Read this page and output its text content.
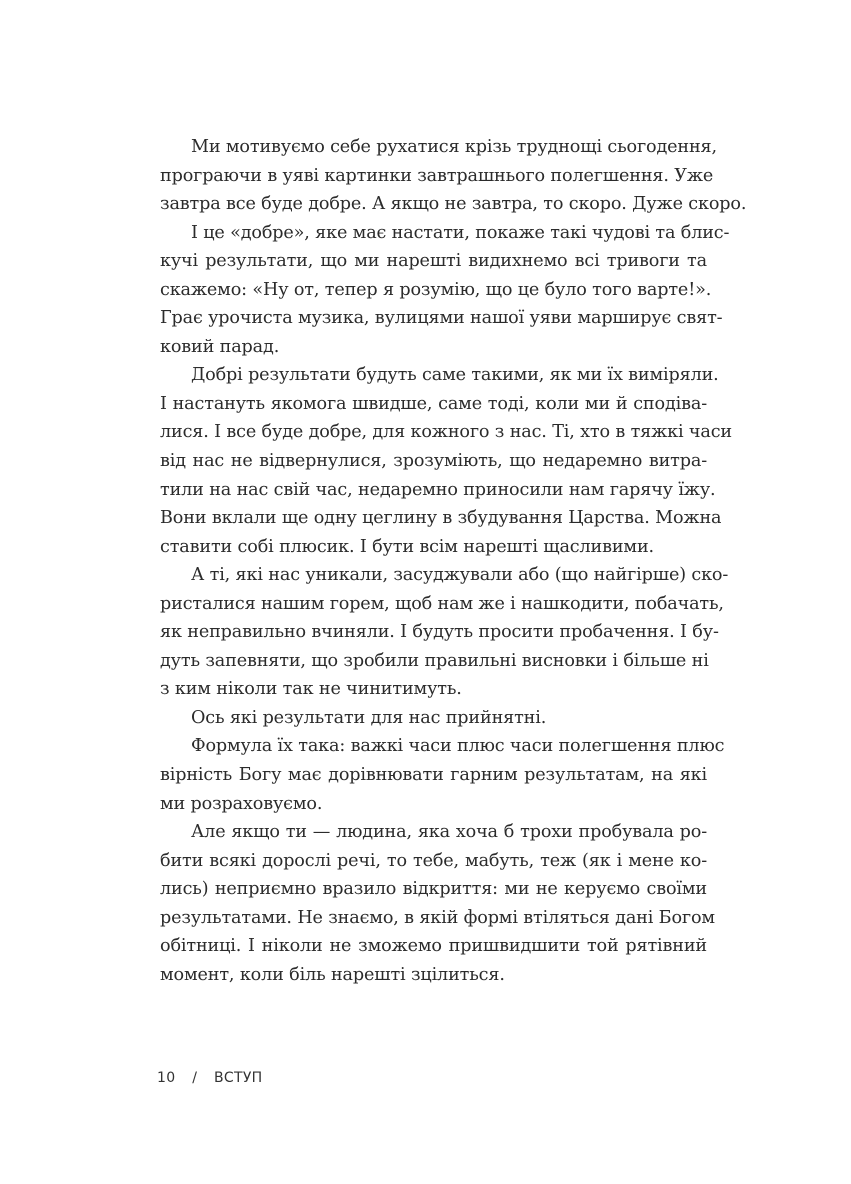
Ми мотивуємо себе рухатися крізь труднощі сьогодення,
програючи в уяві картинки завтрашнього полегшення. Уже
завтра все буде добре. А якщо не завтра, то скоро. Дуже скоро.
І це «добре», яке має настати, покаже такі чудові та блис-
кучі результати, що ми нарешті видихнемо всі тривоги та
скажемо: «Ну от, тепер я розумію, що це було того варте!».
Грає урочиста музика, вулицями нашої уяви марширує свят-
ковий парад.
Добрі результати будуть саме такими, як ми їх виміряли.
І настануть якомога швидше, саме тоді, коли ми й сподіва-
лися. І все буде добре, для кожного з нас. Ті, хто в тяжкі часи
від нас не відвернулися, зрозуміють, що недаремно витра-
тили на нас свій час, недаремно приносили нам гарячу їжу.
Вони вклали ще одну цеглину в збудування Царства. Можна
ставити собі плюсик. І бути всім нарешті щасливими.
А ті, які нас уникали, засуджували або (що найгірше) ско-
ристалися нашим горем, щоб нам же і нашкодити, побачать,
як неправильно вчиняли. І будуть просити пробачення. І бу-
дуть запевняти, що зробили правильні висновки і більше ні
з ким ніколи так не чинитимуть.
Ось які результати для нас прийнятні.
Формула їх така: важкі часи плюс часи полегшення плюс
вірність Богу має дорівнювати гарним результатам, на які
ми розраховуємо.
Але якщо ти — людина, яка хоча б трохи пробувала ро-
бити всякі дорослі речі, то тебе, мабуть, теж (як і мене ко-
лись) неприємно вразило відкриття: ми не керуємо своїми
результатами. Не знаємо, в якій формі втіляться дані Богом
обітниці. І ніколи не зможемо пришвидшити той рятівний
момент, коли біль нарешті зцілиться.
10 / ВСТУП
